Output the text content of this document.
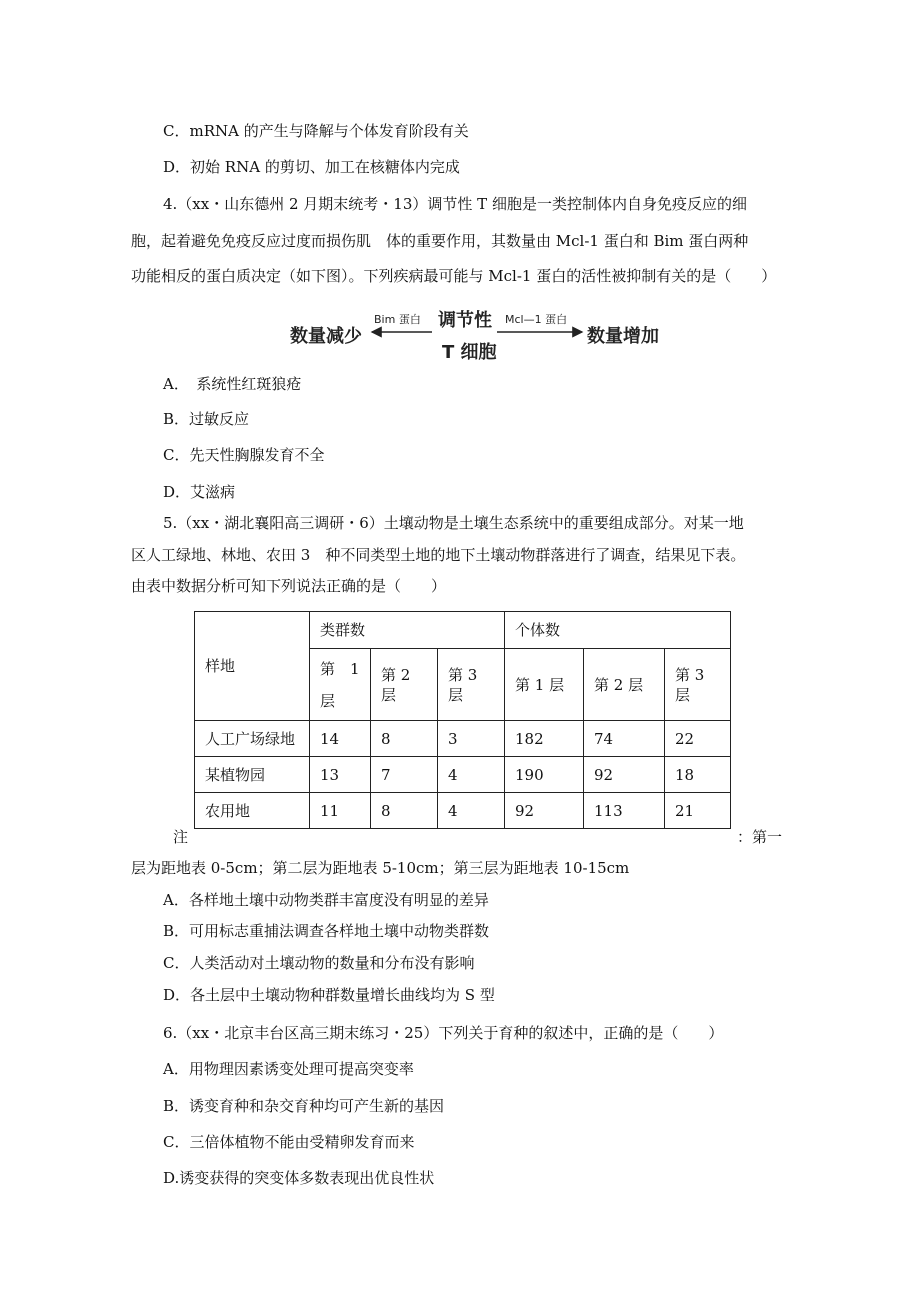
C．mRNA 的产生与降解与个体发育阶段有关
D．初始 RNA 的剪切、加工在核糖体内完成
4.（xx・山东德州 2 月期末统考・13）调节性 T 细胞是一类控制体内自身免疫反应的细
胞，起着避免免疫反应过度而损伤肌　体的重要作用，其数量由 Mcl-1 蛋白和 Bim 蛋白两种
功能相反的蛋白质决定（如下图）。下列疾病最可能与 Mcl-1 蛋白的活性被抑制有关的是（　　）
数量减少
Bim 蛋白 调节性
T 细胞
Mcl—1 蛋白
数量增加
A．　系统性红斑狼疮
B．过敏反应
C．先天性胸腺发育不全
D．艾滋病
5.（xx・湖北襄阳高三调研・6）土壤动物是土壤生态系统中的重要组成部分。对某一地
区人工绿地、林地、农田 3　种不同类型土地的地下土壤动物群落进行了调查，结果见下表。
由表中数据分析可知下列说法正确的是（　　）
样地	类群数			个体数		

	第　1
层	第 2 层	第 3 层	第 1 层	第 2 层	第 3 层
人工广场绿地	14	8	3	182	74	22
某植物园	13	7	4	190	92	18
农用地	11	8	4	92	113	21
注	：第一
层为距地表 0-5cm；第二层为距地表 5-10cm；第三层为距地表 10-15cm
A．各样地土壤中动物类群丰富度没有明显的差异
B．可用标志重捕法调查各样地土壤中动物类群数
C．人类活动对土壤动物的数量和分布没有影响
D．各土层中土壤动物种群数量增长曲线均为 S 型
6.（xx・北京丰台区高三期末练习・25）下列关于育种的叙述中，正确的是（　　）
A．用物理因素诱变处理可提高突变率
B．诱变育种和杂交育种均可产生新的基因
C．三倍体植物不能由受精卵发育而来
D.诱变获得的突变体多数表现出优良性状
